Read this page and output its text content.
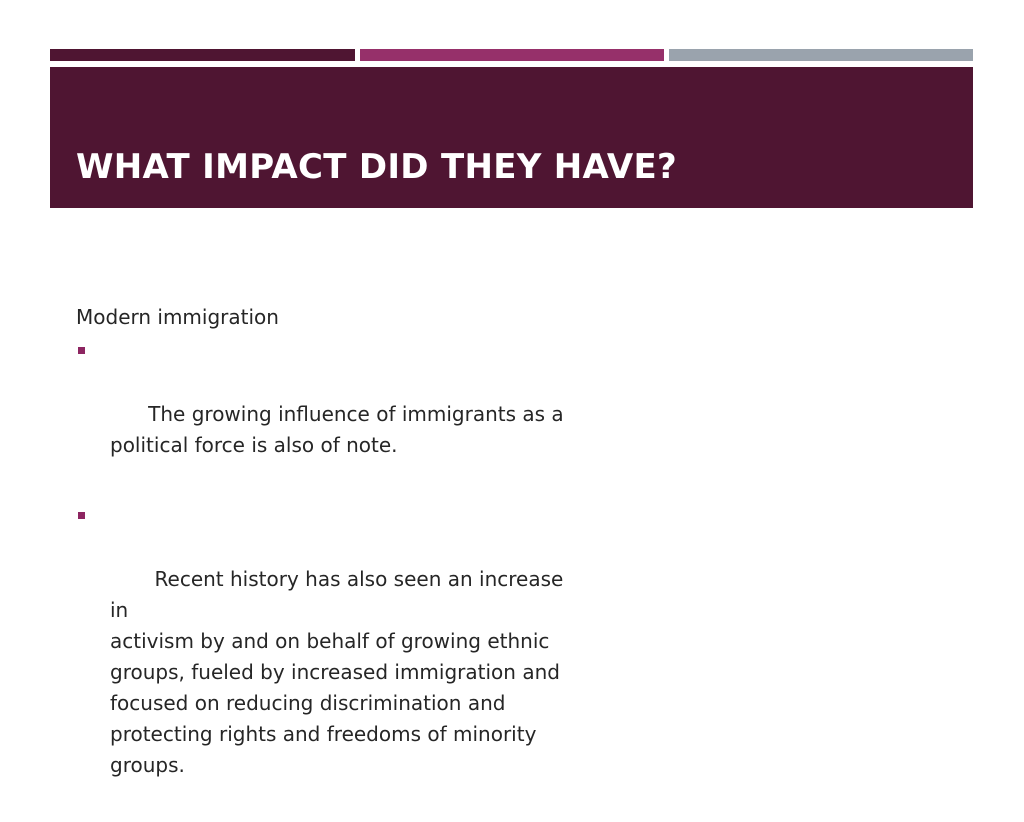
WHAT IMPACT DID THEY HAVE?

Modern immigration

The growing influence of immigrants as a
political force is also of note.

Recent history has also seen an increase  in
activism by and on behalf of growing ethnic
groups, fueled by increased immigration and
focused on reducing discrimination and
protecting rights and freedoms of minority
groups.
